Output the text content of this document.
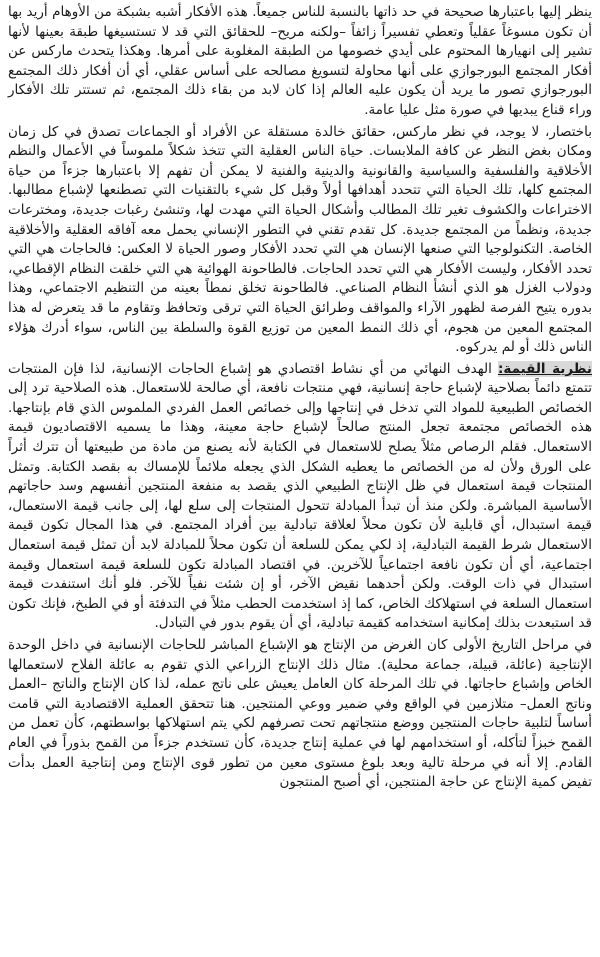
ينظر إليها باعتبارها صحيحة في حد ذاتها بالنسبة للناس جميعاً. هذه الأفكار أشبه بشبكة من الأوهام أريد بها أن تكون مسوغاً عقلياً وتعطي تفسيراً زائفاً –ولكنه مريح– للحقائق التي قد لا تستسيغها طبقة بعينها لأنها تشير إلى انهيارها المحتوم على أيدي خصومها من الطبقة المغلوبة على أمرها. وهكذا يتحدث ماركس عن أفكار المجتمع البورجوازي على أنها محاولة لتسويغ مصالحه على أساس عقلي، أي أن أفكار ذلك المجتمع البورجوازي تصور ما يريد أن يكون عليه العالم إذا كان لابد من بقاء ذلك المجتمع، ثم تستتر تلك الأفكار وراء قناع يبديها في صورة مثل عليا عامة.

باختصار، لا يوجد، في نظر ماركس، حقائق خالدة مستقلة عن الأفراد أو الجماعات تصدق في كل زمان ومكان بغض النظر عن كافة الملابسات. حياة الناس العقلية التي تتخذ شكلاً ملموساً في الأعمال والنظم الأخلاقية والفلسفية والسياسية والقانونية والدينية والفنية لا يمكن أن تفهم إلا باعتبارها جزءاً من حياة المجتمع كلها، تلك الحياة التي تتحدد أهدافها أولاً وقبل كل شيء بالتقنيات التي تصطنعها لإشباع مطالبها. الاختراعات والكشوف تغير تلك المطالب وأشكال الحياة التي مهدت لها، وتنشئ رغبات جديدة، ومخترعات جديدة، ونظماً من المجتمع جديدة. كل تقدم تقني في التطور الإنساني يحمل معه آفاقه العقلية والأخلاقية الخاصة. التكنولوجيا التي صنعها الإنسان هي التي تحدد الأفكار وصور الحياة لا العكس: فالحاجات هي التي تحدد الأفكار، وليست الأفكار هي التي تحدد الحاجات. فالطاحونة الهوائية هي التي خلقت النظام الإقطاعي، ودولاب الغزل هو الذي أنشأ النظام الصناعي. فالطاحونة تخلق نمطاً بعينه من التنظيم الاجتماعي، وهذا بدوره يتيح الفرصة لظهور الآراء والمواقف وطرائق الحياة التي ترقى وتحافظ وتقاوم ما قد يتعرض له هذا المجتمع المعين من هجوم، أي ذلك النمط المعين من توزيع القوة والسلطة بين الناس، سواء أدرك هؤلاء الناس ذلك أو لم يدركوه.

نظرية القيمة: الهدف النهائي من أي نشاط اقتصادي هو إشباع الحاجات الإنسانية، لذا فإن المنتجات تتمتع دائماً بصلاحية لإشباع حاجة إنسانية، فهي منتجات نافعة، أي صالحة للاستعمال. هذه الصلاحية ترد إلى الخصائص الطبيعية للمواد التي تدخل في إنتاجها وإلى خصائص العمل الفردي الملموس الذي قام بإنتاجها. هذه الخصائص مجتمعة تجعل المنتج صالحاً لإشباع حاجة معينة، وهذا ما يسميه الاقتصاديون قيمة الاستعمال. فقلم الرصاص مثلاً يصلح للاستعمال في الكتابة لأنه يصنع من مادة من طبيعتها أن تترك أثراً على الورق ولأن له من الخصائص ما يعطيه الشكل الذي يجعله ملائماً للإمساك به بقصد الكتابة. وتمثل المنتجات قيمة استعمال في ظل الإنتاج الطبيعي الذي يقصد به منفعة المنتجين أنفسهم وسد حاجاتهم الأساسية المباشرة. ولكن منذ أن تبدأ المبادلة تتحول المنتجات إلى سلع لها، إلى جانب قيمة الاستعمال، قيمة استبدال، أي قابلية لأن تكون محلاً لعلاقة تبادلية بين أفراد المجتمع. في هذا المجال تكون قيمة الاستعمال شرط القيمة التبادلية، إذ لكي يمكن للسلعة أن تكون محلاً للمبادلة لابد أن تمثل قيمة استعمال اجتماعية، أي أن تكون نافعة اجتماعياً للآخرين. في اقتصاد المبادلة تكون للسلعة قيمة استعمال وقيمة استبدال في ذات الوقت. ولكن أحدهما نقيض الآخر، أو إن شئت نفياً للآخر. فلو أنك استنفدت قيمة استعمال السلعة في استهلاكك الخاص، كما إذ استخدمت الحطب مثلاً في التدفئة أو في الطبخ، فإنك تكون قد استبعدت بذلك إمكانية استخدامه كقيمة تبادلية، أي أن يقوم بدور في التبادل.

في مراحل التاريخ الأولى كان الغرض من الإنتاج هو الإشباع المباشر للحاجات الإنسانية في داخل الوحدة الإنتاجية (عائلة، قبيلة، جماعة محلية). مثال ذلك الإنتاج الزراعي الذي تقوم به عائلة الفلاح لاستعمالها الخاص وإشباع حاجاتها. في تلك المرحلة كان العامل يعيش على ناتج عمله، لذا كان الإنتاج والناتج –العمل وناتج العمل– متلازمين في الواقع وفي ضمير ووعي المنتجين. هنا تتحقق العملية الاقتصادية التي قامت أساساً لتلبية حاجات المنتجين ووضع منتجاتهم تحت تصرفهم لكي يتم استهلاكها بواسطتهم، كأن تعمل من القمح خبزاً لتأكله، أو استخدامهم لها في عملية إنتاج جديدة، كأن تستخدم جزءاً من القمح بذوراً في العام القادم. إلا أنه في مرحلة تالية وبعد بلوغ مستوى معين من تطور قوى الإنتاج ومن إنتاجية العمل بدأت تفيض كمية الإنتاج عن حاجة المنتجين، أي أصبح المنتجون
